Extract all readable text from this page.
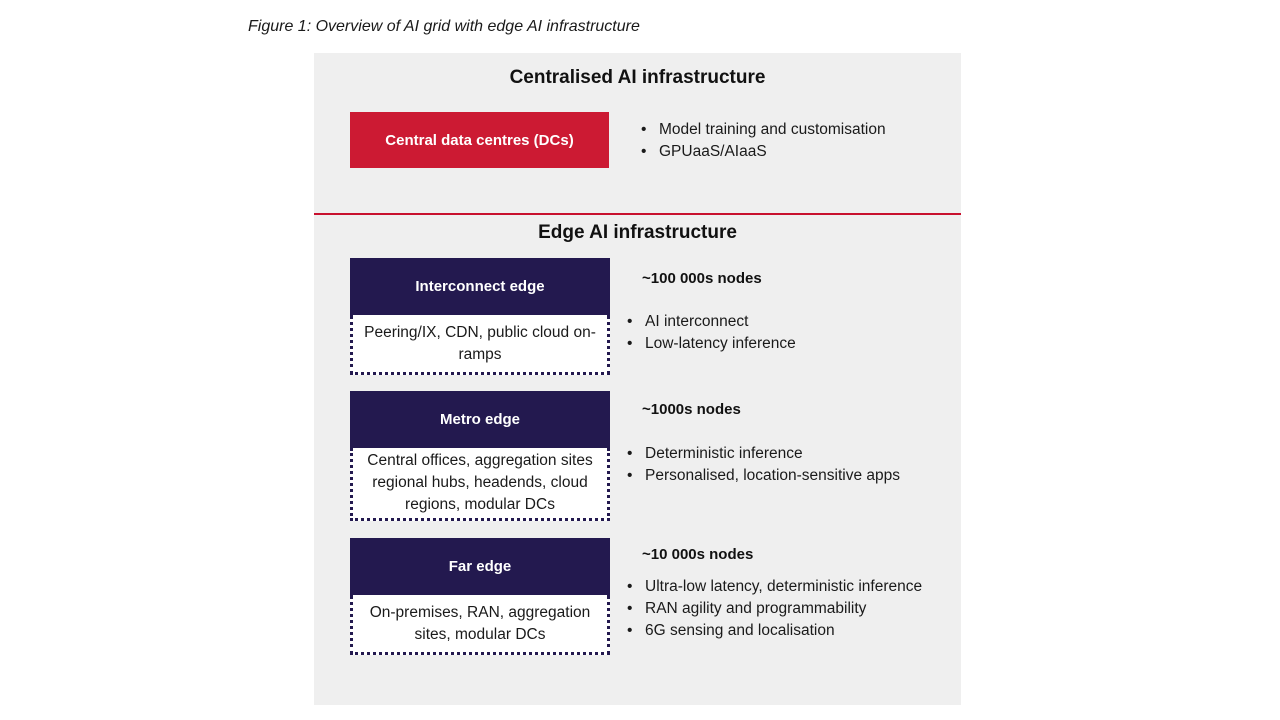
Figure 1: Overview of AI grid with edge AI infrastructure
Centralised AI infrastructure
Central data centres (DCs)
• Model training and customisation
• GPUaaS/AIaaS
Edge AI infrastructure
Interconnect edge
Peering/IX, CDN, public cloud on-ramps
~100 000s nodes
• AI interconnect
• Low-latency inference
Metro edge
Central offices, aggregation sites regional hubs, headends, cloud regions, modular DCs
~1000s nodes
• Deterministic inference
• Personalised, location-sensitive apps
Far edge
On-premises, RAN, aggregation sites, modular DCs
~10 000s nodes
• Ultra-low latency, deterministic inference
• RAN agility and programmability
• 6G sensing and localisation
